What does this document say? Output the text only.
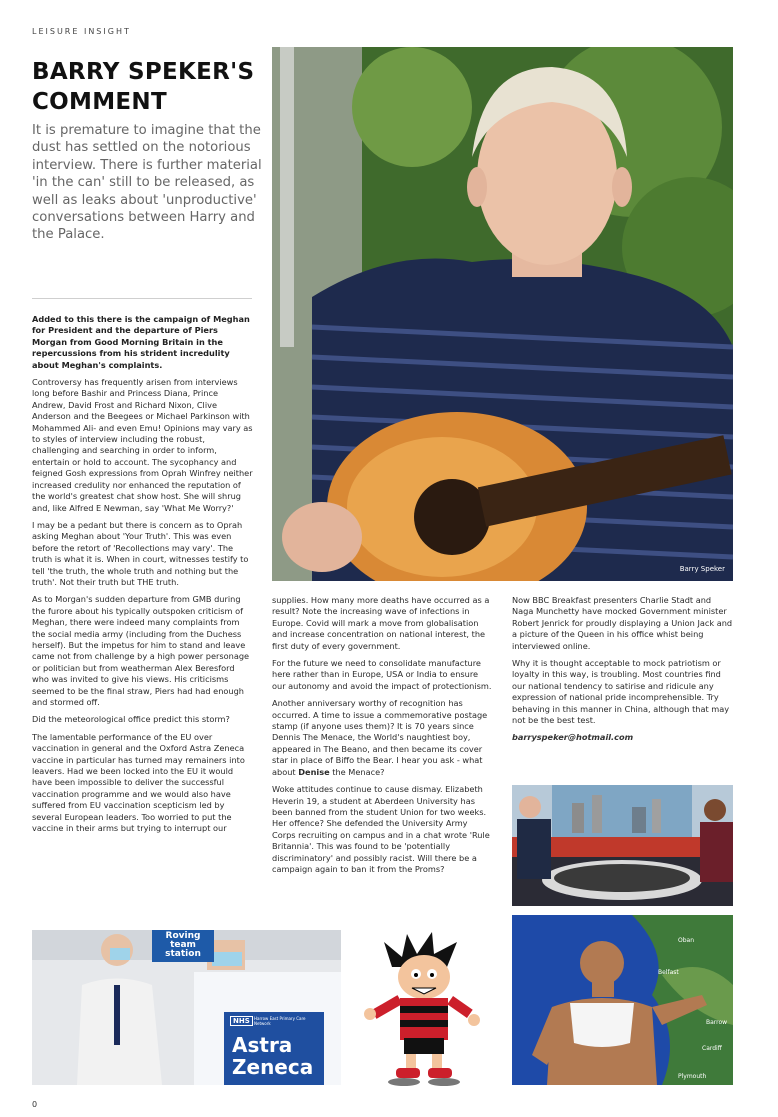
LEISURE INSIGHT
BARRY SPEKER'S COMMENT
It is premature to imagine that the dust has settled on the notorious interview. There is further material 'in the can' still to be released, as well as leaks about 'unproductive' conversations between Harry and the Palace.

Added to this there is the campaign of Meghan for President and the departure of Piers Morgan from Good Morning Britain in the repercussions from his strident incredulity about Meghan's complaints.

Controversy has frequently arisen from interviews long before Bashir and Princess Diana, Prince Andrew, David Frost and Richard Nixon, Clive Anderson and the Beegees or Michael Parkinson with Mohammed Ali- and even Emu! Opinions may vary as to styles of interview including the robust, challenging and searching in order to inform, entertain or hold to account. The sycophancy and feigned Gosh expressions from Oprah Winfrey neither increased credulity nor enhanced the reputation of the world's greatest chat show host. She will shrug and, like Alfred E Newman, say 'What Me Worry?'

I may be a pedant but there is concern as to Oprah asking Meghan about 'Your Truth'. This was even before the retort of 'Recollections may vary'. The truth is what it is. When in court, witnesses testify to tell 'the truth, the whole truth and nothing but the truth'. Not their truth but THE truth.

As to Morgan's sudden departure from GMB during the furore about his typically outspoken criticism of Meghan, there were indeed many complaints from the social media army (including from the Duchess herself). But the impetus for him to stand and leave came not from challenge by a high power personage or politician but from weatherman Alex Beresford who was invited to give his views. His criticisms seemed to be the final straw, Piers had had enough and stormed off.

Did the meteorological office predict this storm?

The lamentable performance of the EU over vaccination in general and the Oxford Astra Zeneca vaccine in particular has turned may remainers into leavers. Had we been locked into the EU it would have been impossible to deliver the successful vaccination programme and we would also have suffered from EU vaccination scepticism led by several European leaders. Too worried to put the vaccine in their arms but trying to interrupt our

Barry Speker

supplies. How many more deaths have occurred as a result? Note the increasing wave of infections in Europe. Covid will mark a move from globalisation and increase concentration on national interest, the first duty of every government.

For the future we need to consolidate manufacture here rather than in Europe, USA or India to ensure our autonomy and avoid the impact of protectionism.

Another anniversary worthy of recognition has occurred. A time to issue a commemorative postage stamp (if anyone uses them)? It is 70 years since Dennis The Menace, the World's naughtiest boy, appeared in The Beano, and then became its cover star in place of Biffo the Bear. I hear you ask - what about Denise the Menace?

Woke attitudes continue to cause dismay. Elizabeth Heverin 19, a student at Aberdeen University has been banned from the student Union for two weeks. Her offence? She defended the University Army Corps recruiting on campus and in a chat wrote 'Rule Britannia'. This was found to be 'potentially discriminatory' and possibly racist. Will there be a campaign again to ban it from the Proms?

Now BBC Breakfast presenters Charlie Stadt and Naga Munchetty have mocked Government minister Robert Jenrick for proudly displaying a Union Jack and a picture of the Queen in his office whist being interviewed online.

Why it is thought acceptable to mock patriotism or loyalty in this way, is troubling. Most countries find our national tendency to satirise and ridicule any expression of national pride incomprehensible. Try behaving in this manner in China, although that may not be the best test.

barryspeker@hotmail.com

Roving team station
NHS	Harrow East Primary Care Network
Astra Zeneca
Oban
Belfast
Barrow
Cardiff
Plymouth
0
